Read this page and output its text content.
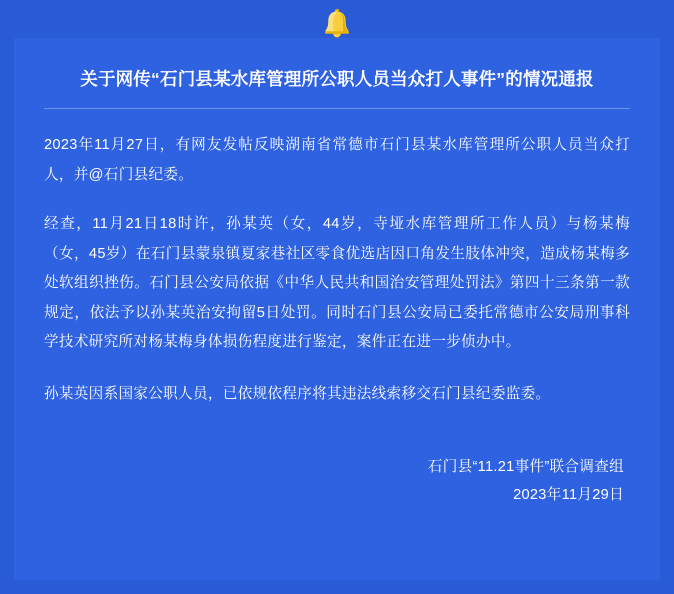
关于网传“石门县某水库管理所公职人员当众打人事件”的情况通报
2023年11月27日，有网友发帖反映湖南省常德市石门县某水库管理所公职人员当众打人，并@石门县纪委。
经查，11月21日18时许，孙某英（女，44岁，寺垭水库管理所工作人员）与杨某梅（女，45岁）在石门县蒙泉镇夏家巷社区零食优选店因口角发生肢体冲突，造成杨某梅多处软组织挫伤。石门县公安局依据《中华人民共和国治安管理处罚法》第四十三条第一款规定，依法予以孙某英治安拘留5日处罚。同时石门县公安局已委托常德市公安局刑事科学技术研究所对杨某梅身体损伤程度进行鉴定，案件正在进一步侦办中。
孙某英因系国家公职人员，已依规依程序将其违法线索移交石门县纪委监委。
石门县“11.21事件”联合调查组
2023年11月29日
